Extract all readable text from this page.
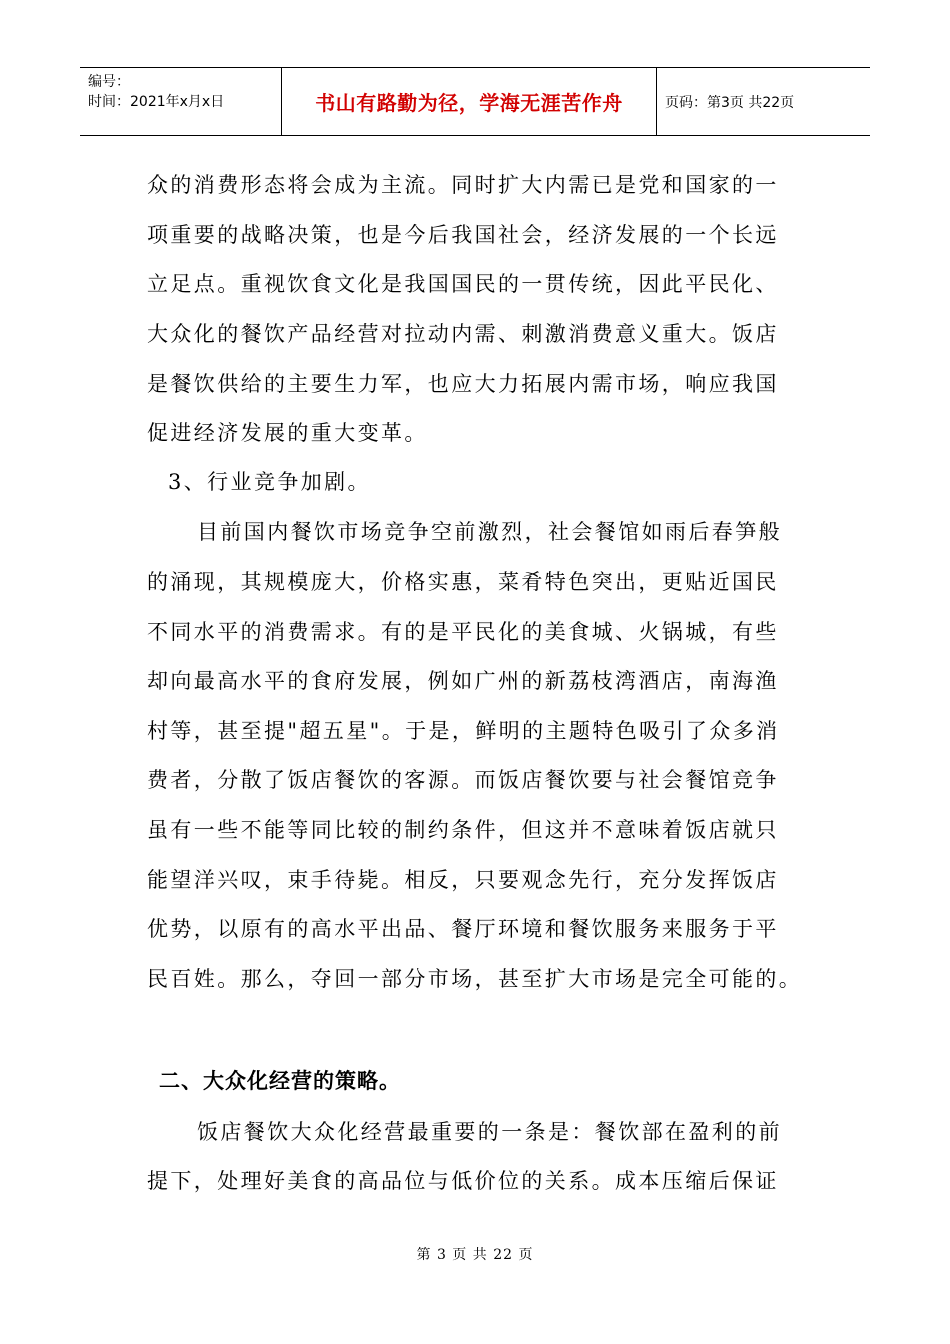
编号：
时间：2021年x月x日	书山有路勤为径，学海无涯苦作舟	页码：第3页 共22页
众的消费形态将会成为主流。同时扩大内需已是党和国家的一
项重要的战略决策，也是今后我国社会，经济发展的一个长远
立足点。重视饮食文化是我国国民的一贯传统，因此平民化、
大众化的餐饮产品经营对拉动内需、刺激消费意义重大。饭店
是餐饮供给的主要生力军，也应大力拓展内需市场，响应我国
促进经济发展的重大变革。
3、行业竞争加剧。
目前国内餐饮市场竞争空前激烈，社会餐馆如雨后春笋般
的涌现，其规模庞大，价格实惠，菜肴特色突出，更贴近国民
不同水平的消费需求。有的是平民化的美食城、火锅城，有些
却向最高水平的食府发展，例如广州的新荔枝湾酒店，南海渔
村等，甚至提"超五星"。于是，鲜明的主题特色吸引了众多消
费者，分散了饭店餐饮的客源。而饭店餐饮要与社会餐馆竞争
虽有一些不能等同比较的制约条件，但这并不意味着饭店就只
能望洋兴叹，束手待毙。相反，只要观念先行，充分发挥饭店
优势，以原有的高水平出品、餐厅环境和餐饮服务来服务于平
民百姓。那么，夺回一部分市场，甚至扩大市场是完全可能的。
二、大众化经营的策略。
饭店餐饮大众化经营最重要的一条是：餐饮部在盈利的前
提下，处理好美食的高品位与低价位的关系。成本压缩后保证
第 3 页 共 22 页
